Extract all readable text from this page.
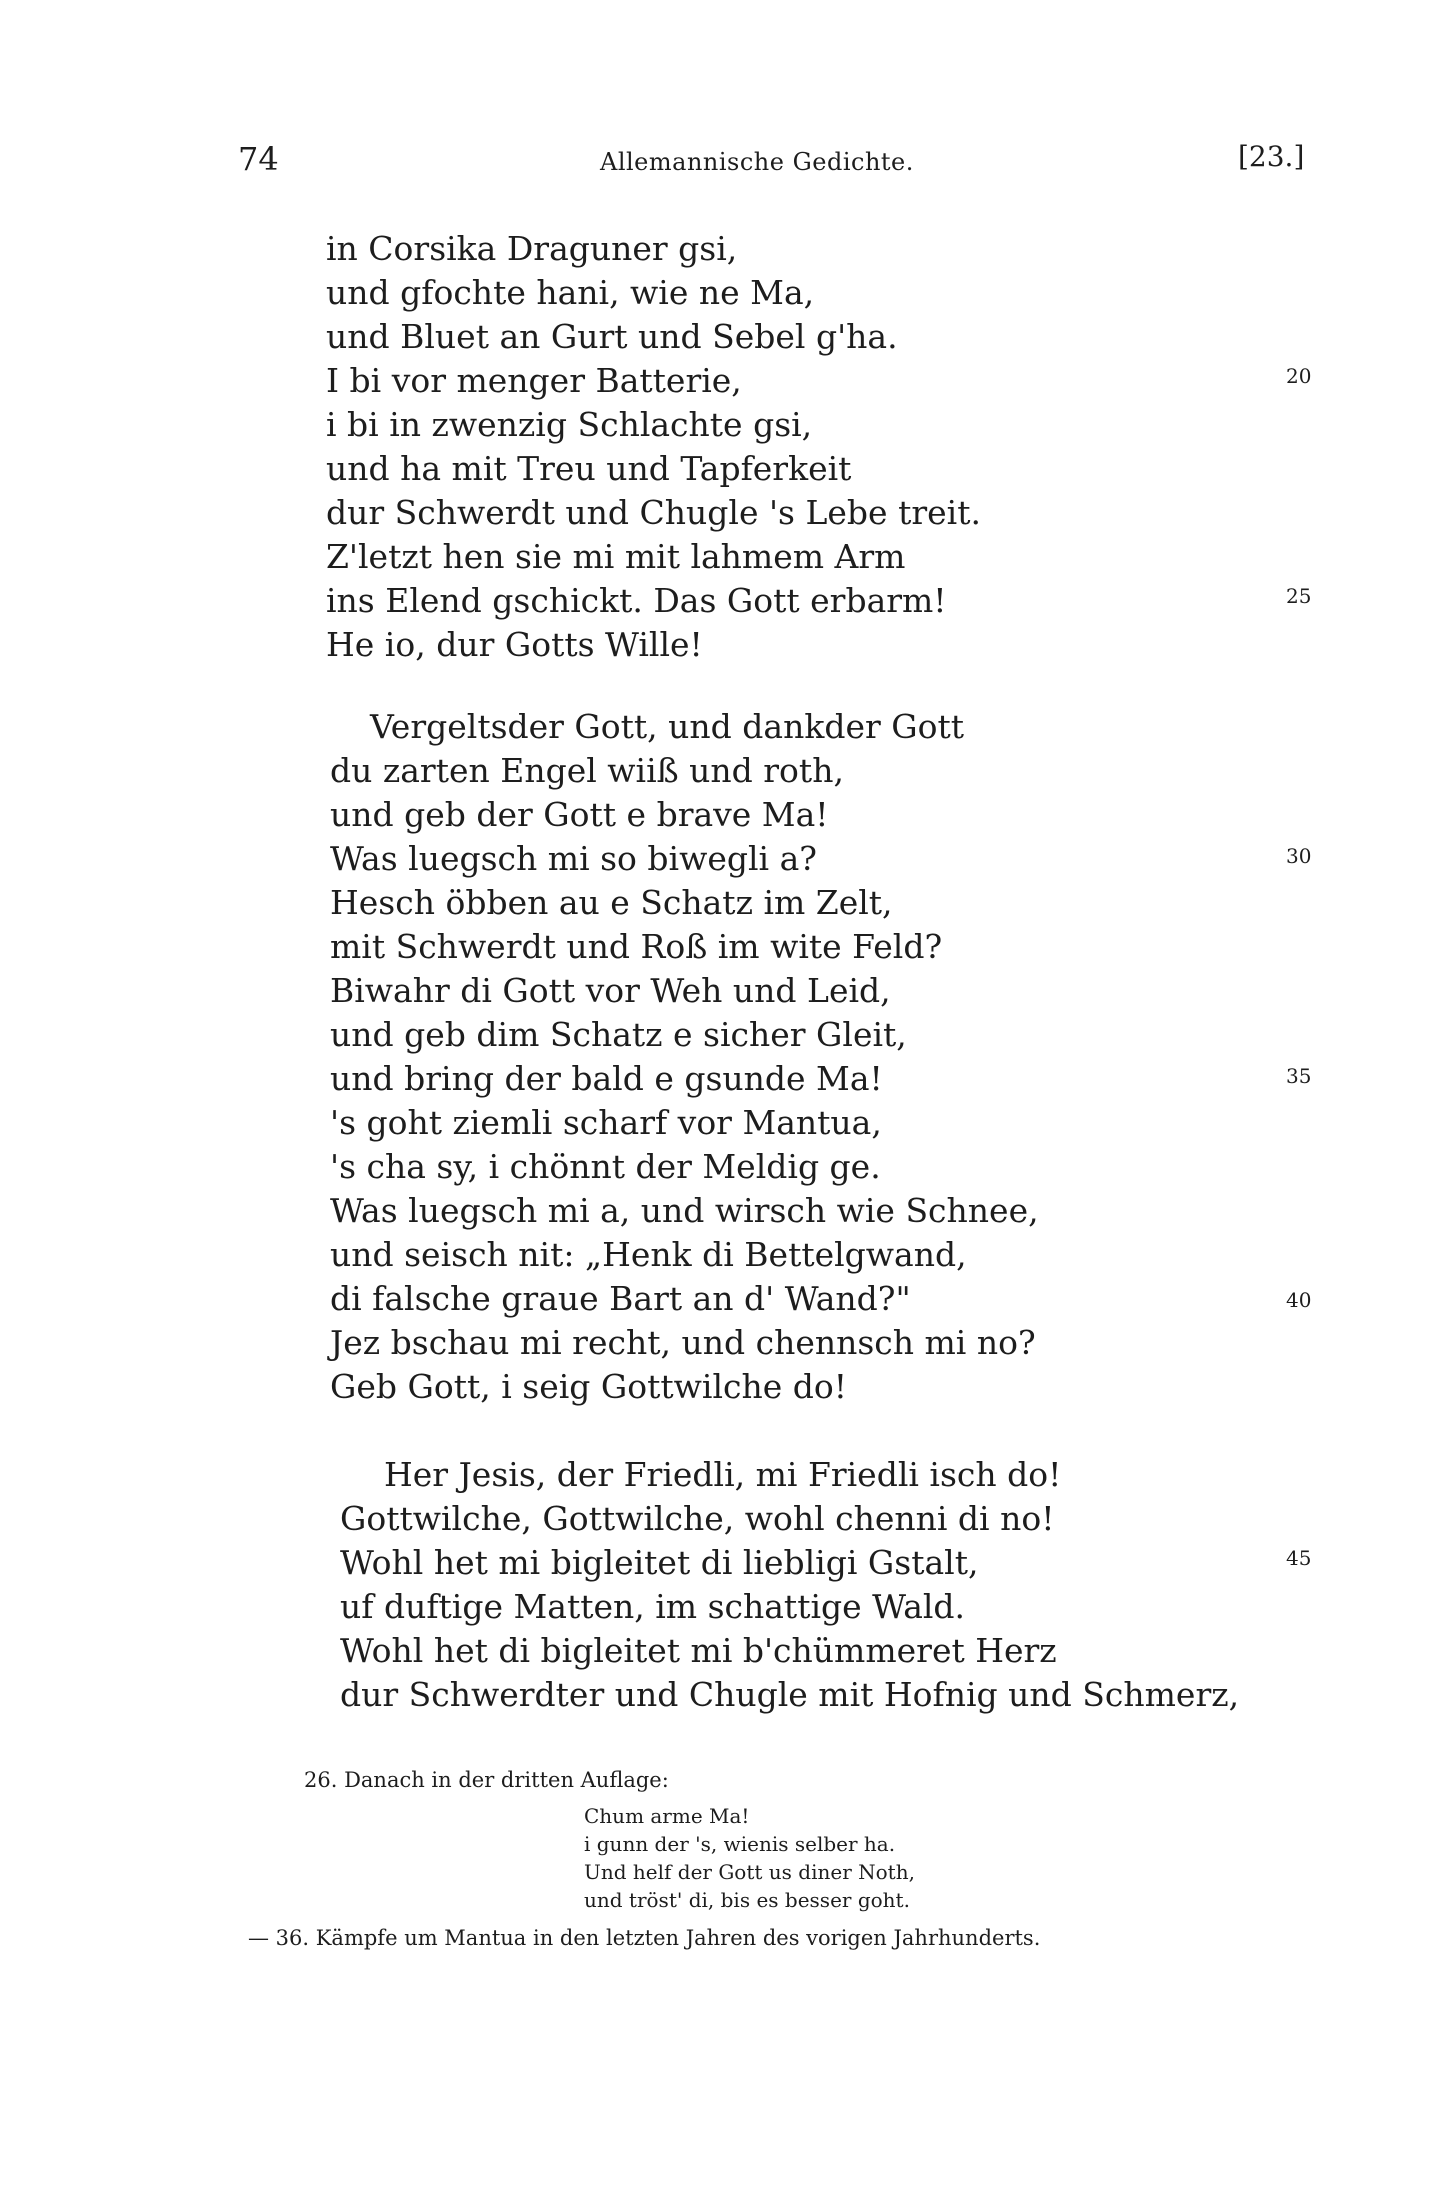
74	Allemannische Gedichte.	[23.]
in Corsika Draguner gsi,
und gfochte hani, wie ne Ma,
und Bluet an Gurt und Sebel g'ha.
I bi vor menger Batterie,
i bi in zwenzig Schlachte gsi,
und ha mit Treu und Tapferkeit
dur Schwerdt und Chugle 's Lebe treit.
Z'letzt hen sie mi mit lahmem Arm
ins Elend gschickt. Das Gott erbarm!
He io, dur Gotts Wille!
Vergeltsder Gott, und dankder Gott
du zarten Engel wiiß und roth,
und geb der Gott e brave Ma!
Was luegsch mi so biwegli a?
Hesch öbben au e Schatz im Zelt,
mit Schwerdt und Roß im wite Feld?
Biwahr di Gott vor Weh und Leid,
und geb dim Schatz e sicher Gleit,
und bring der bald e gsunde Ma!
's goht ziemli scharf vor Mantua,
's cha sy, i chönnt der Meldig ge.
Was luegsch mi a, und wirsch wie Schnee,
und seisch nit: „Henk di Bettelgwand,
di falsche graue Bart an d' Wand?"
Jez bschau mi recht, und chennsch mi no?
Geb Gott, i seig Gottwilche do!
Her Jesis, der Friedli, mi Friedli isch do!
Gottwilche, Gottwilche, wohl chenni di no!
Wohl het mi bigleitet di liebligi Gstalt,
uf duftige Matten, im schattige Wald.
Wohl het di bigleitet mi b'chümmeret Herz
dur Schwerdter und Chugle mit Hofnig und Schmerz,
20
25
30
35
40
45
26. Danach in der dritten Auflage:
Chum arme Ma!
i gunn der 's, wienis selber ha.
Und helf der Gott us diner Noth,
und tröst' di, bis es besser goht.
— 36. Kämpfe um Mantua in den letzten Jahren des vorigen Jahrhunderts.
